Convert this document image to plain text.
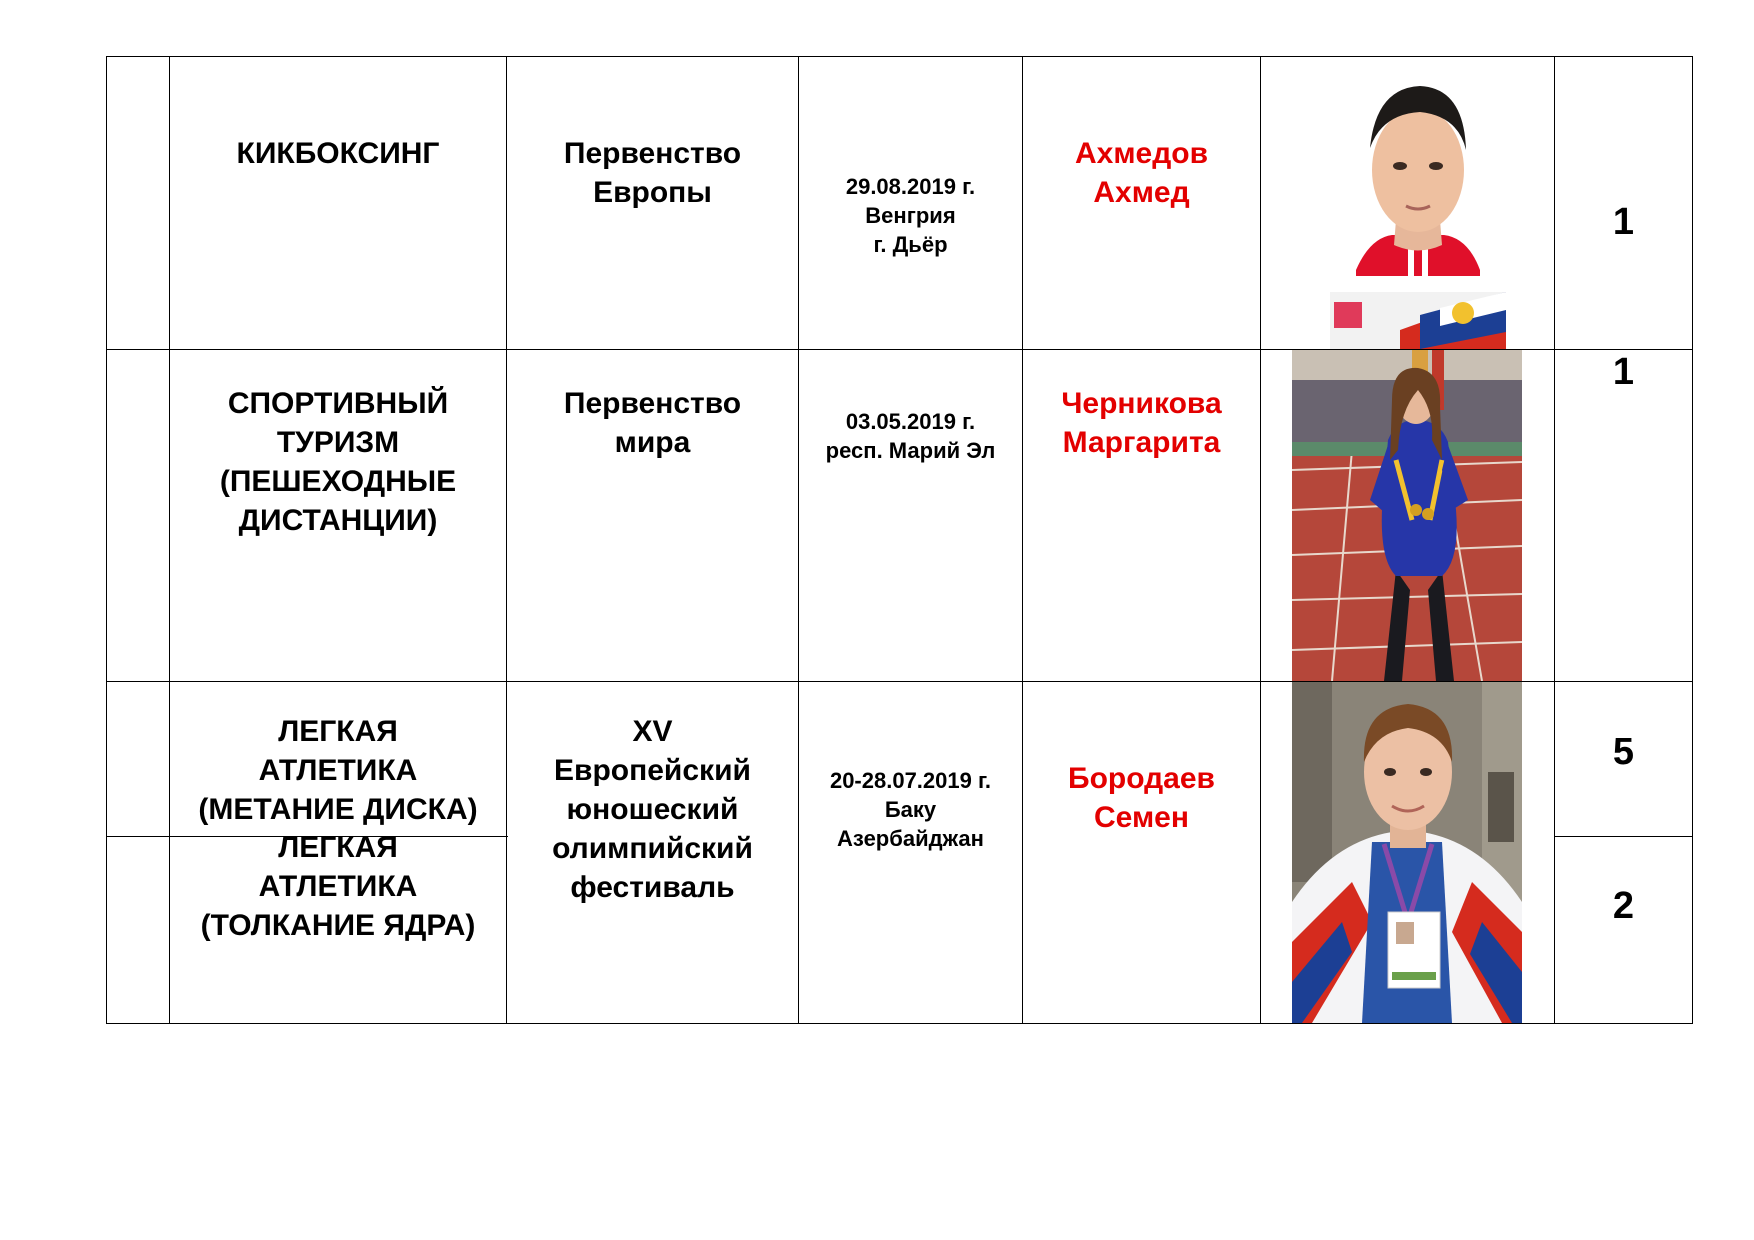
КИКБОКСИНГ	Первенство
Европы	29.08.2019 г.
Венгрия
г. Дьёр
Ахмедов
Ахмед
1
СПОРТИВНЫЙ
ТУРИЗМ
(ПЕШЕХОДНЫЕ
ДИСТАНЦИИ)
Первенство
мира
03.05.2019 г.
респ. Марий Эл
Черникова
Маргарита
1
ЛЕГКАЯ
АТЛЕТИКА
(МЕТАНИЕ ДИСКА)
ЛЕГКАЯ
АТЛЕТИКА
(ТОЛКАНИЕ ЯДРА)
XV
Европейский
юношеский
олимпийский
фестиваль
20-28.07.2019 г.
Баку
Азербайджан
Бородаев
Семен
5
2
